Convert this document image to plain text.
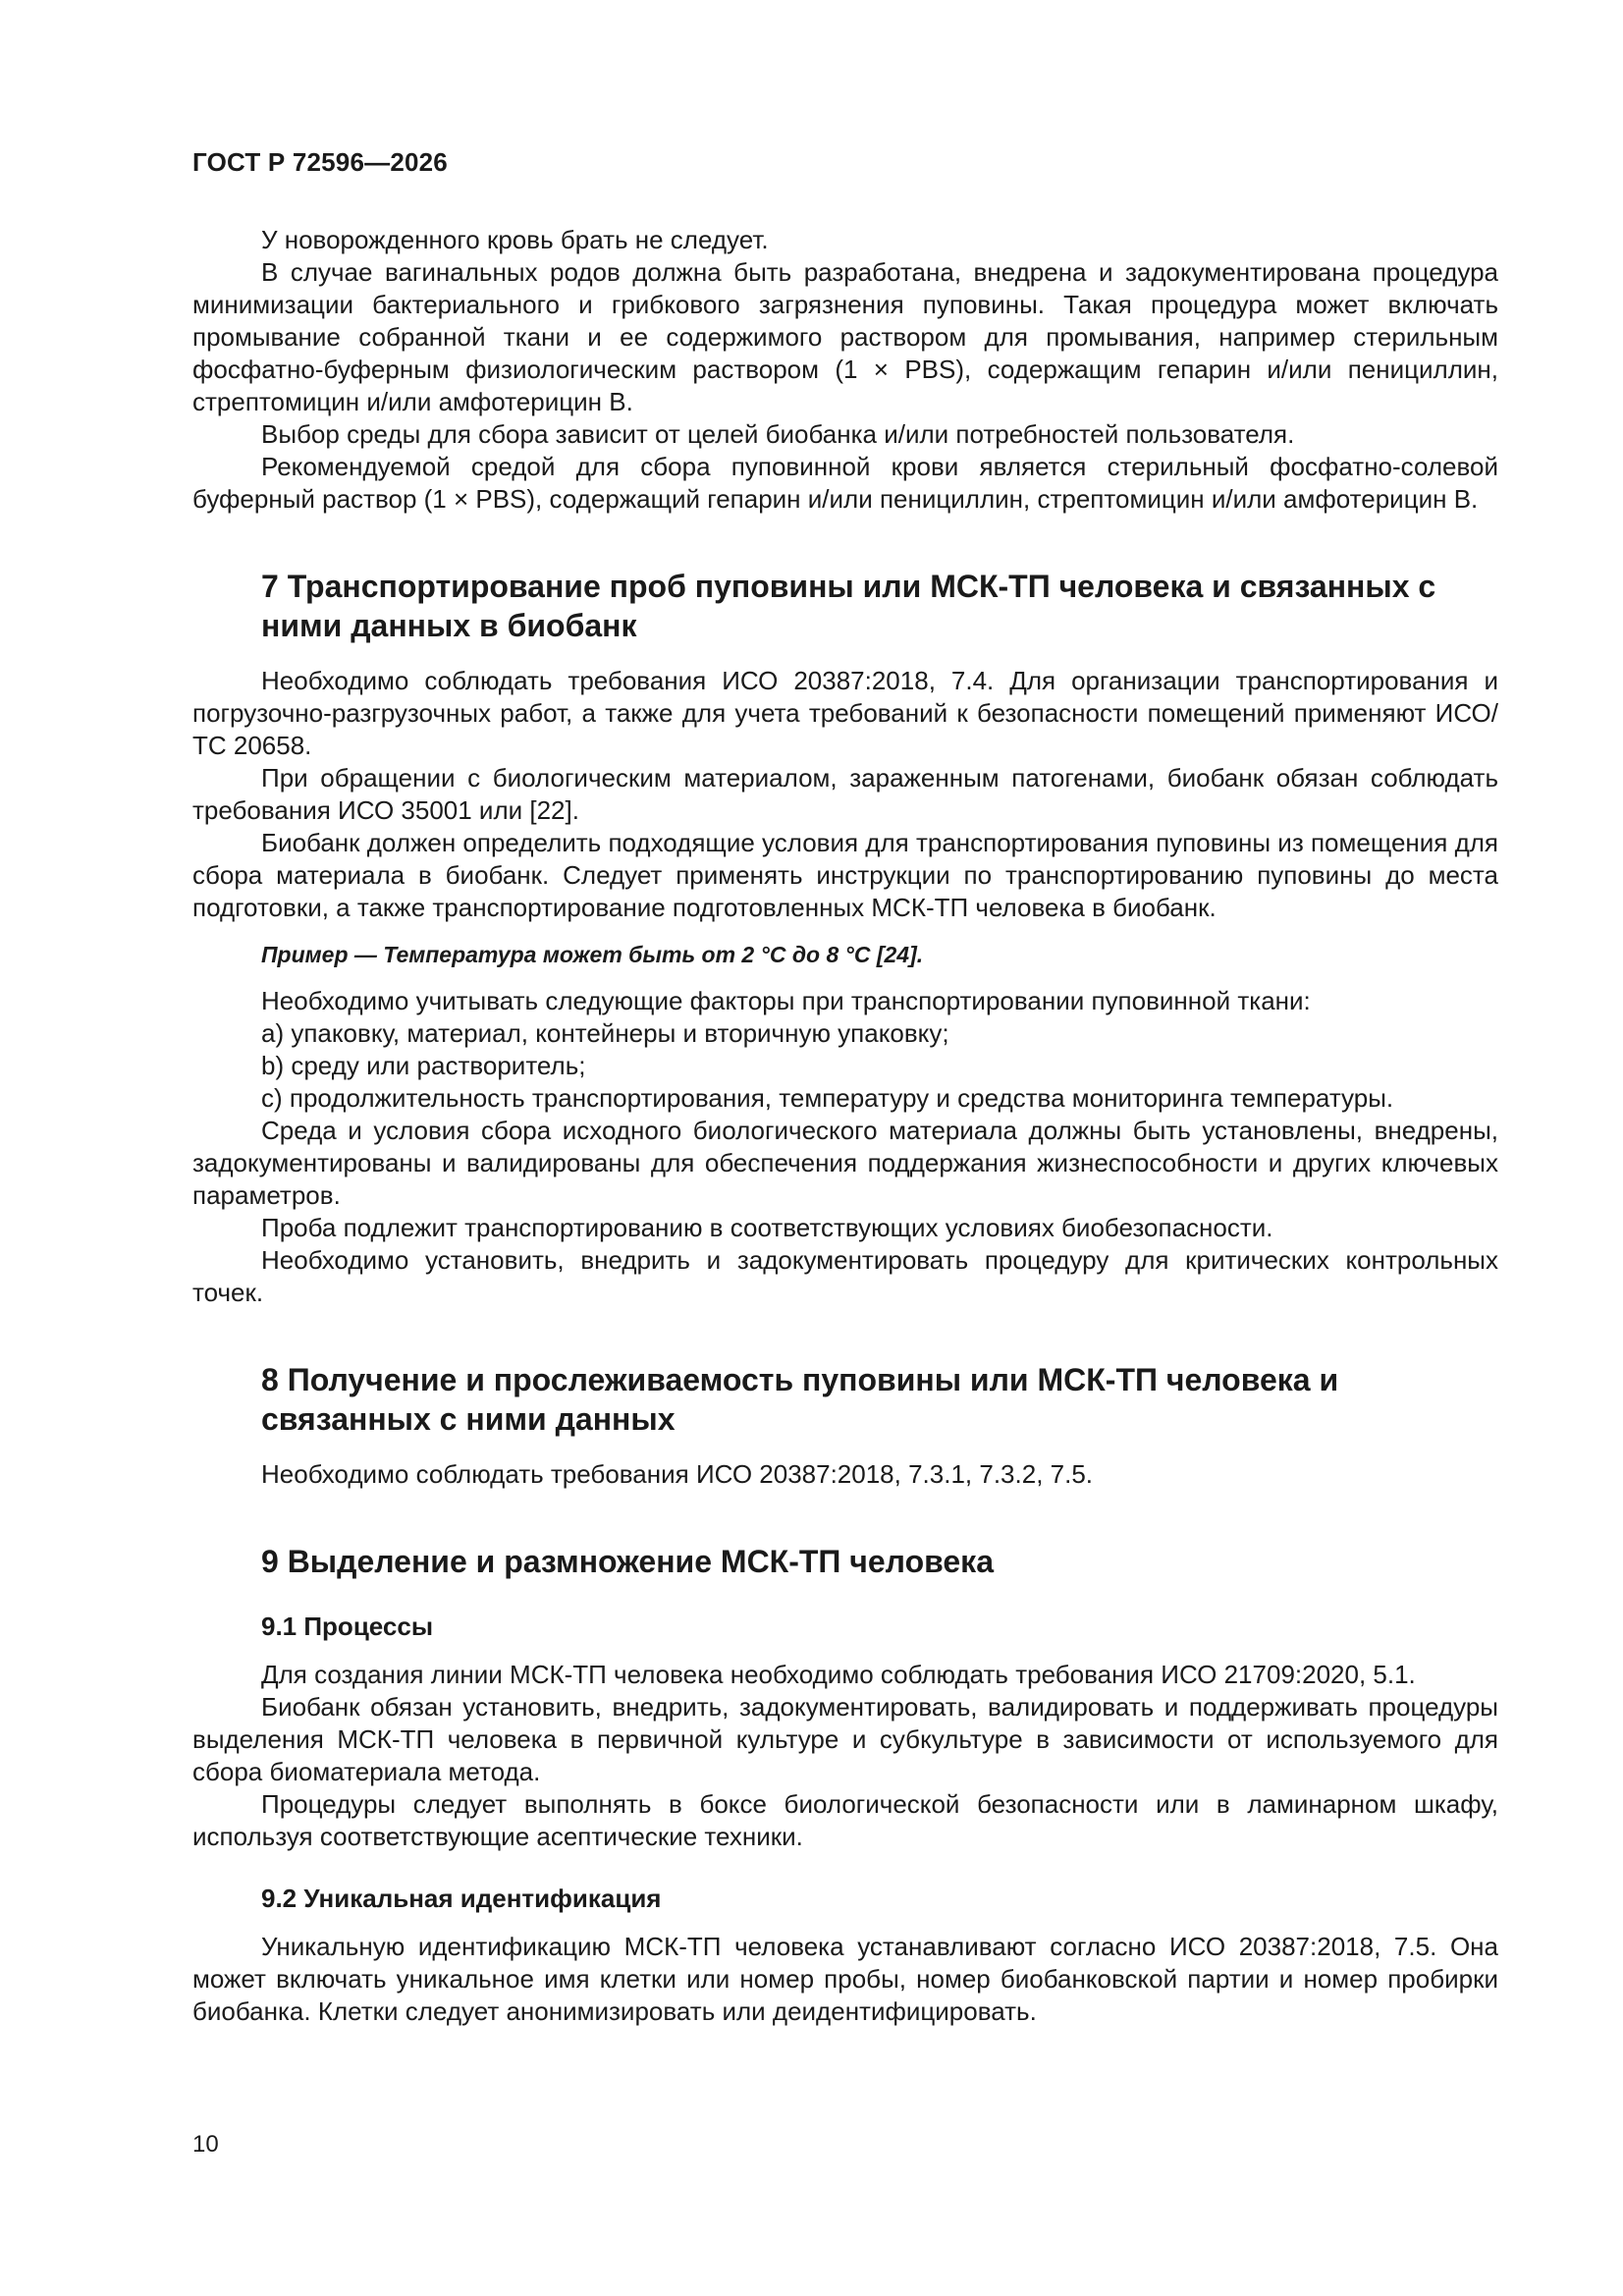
ГОСТ Р 72596—2026

У новорожденного кровь брать не следует.

В случае вагинальных родов должна быть разработана, внедрена и задокументирована процедура минимизации бактериального и грибкового загрязнения пуповины. Такая процедура может включать промывание собранной ткани и ее содержимого раствором для промывания, например стерильным фосфатно-буферным физиологическим раствором (1 × PBS), содержащим гепарин и/или пенициллин, стрептомицин и/или амфотерицин В.

Выбор среды для сбора зависит от целей биобанка и/или потребностей пользователя.

Рекомендуемой средой для сбора пуповинной крови является стерильный фосфатно-солевой буферный раствор (1 × PBS), содержащий гепарин и/или пенициллин, стрептомицин и/или амфотерицин В.

7 Транспортирование проб пуповины или МСК-ТП человека и связанных с ними данных в биобанк

Необходимо соблюдать требования ИСО 20387:2018, 7.4. Для организации транспортирования и погрузочно-разгрузочных работ, а также для учета требований к безопасности помещений применяют ИСО/ТС 20658.

При обращении с биологическим материалом, зараженным патогенами, биобанк обязан соблюдать требования ИСО 35001 или [22].

Биобанк должен определить подходящие условия для транспортирования пуповины из помещения для сбора материала в биобанк. Следует применять инструкции по транспортированию пуповины до места подготовки, а также транспортирование подготовленных МСК-ТП человека в биобанк.

Пример — Температура может быть от 2 °С до 8 °С [24].

Необходимо учитывать следующие факторы при транспортировании пуповинной ткани:

a) упаковку, материал, контейнеры и вторичную упаковку;

b) среду или растворитель;

c) продолжительность транспортирования, температуру и средства мониторинга температуры.

Среда и условия сбора исходного биологического материала должны быть установлены, внедрены, задокументированы и валидированы для обеспечения поддержания жизнеспособности и других ключевых параметров.

Проба подлежит транспортированию в соответствующих условиях биобезопасности.

Необходимо установить, внедрить и задокументировать процедуру для критических контрольных точек.

8 Получение и прослеживаемость пуповины или МСК-ТП человека и связанных с ними данных

Необходимо соблюдать требования ИСО 20387:2018, 7.3.1, 7.3.2, 7.5.

9 Выделение и размножение МСК-ТП человека
9.1 Процессы

Для создания линии МСК-ТП человека необходимо соблюдать требования ИСО 21709:2020, 5.1.

Биобанк обязан установить, внедрить, задокументировать, валидировать и поддерживать процедуры выделения МСК-ТП человека в первичной культуре и субкультуре в зависимости от используемого для сбора биоматериала метода.

Процедуры следует выполнять в боксе биологической безопасности или в ламинарном шкафу, используя соответствующие асептические техники.

9.2 Уникальная идентификация

Уникальную идентификацию МСК-ТП человека устанавливают согласно ИСО 20387:2018, 7.5. Она может включать уникальное имя клетки или номер пробы, номер биобанковской партии и номер пробирки биобанка. Клетки следует анонимизировать или деидентифицировать.

10
